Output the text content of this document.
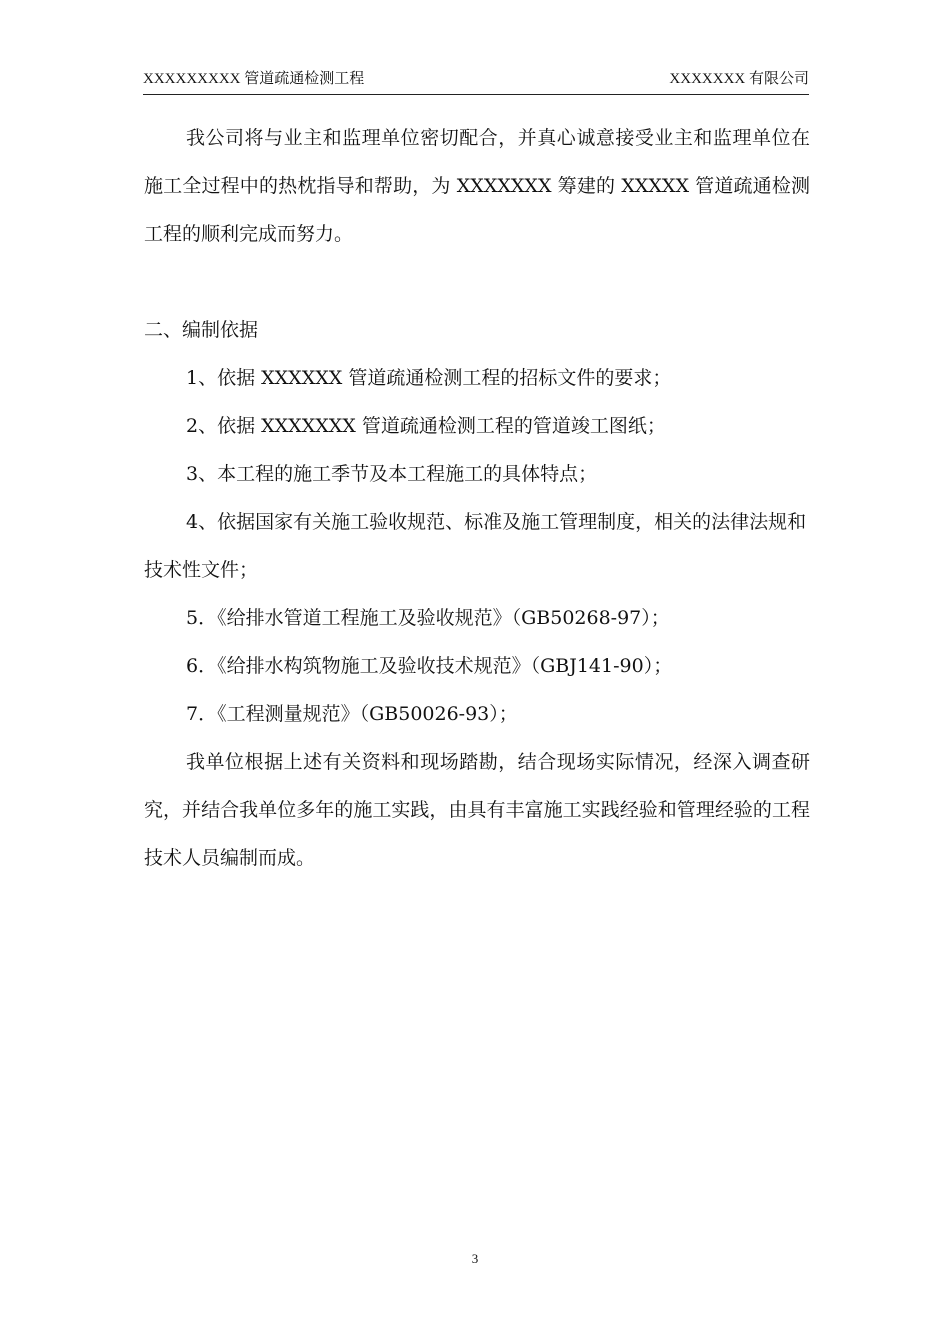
XXXXXXXXX 管道疏通检测工程	XXXXXXX 有限公司

我公司将与业主和监理单位密切配合，并真心诚意接受业主和监理单位在施工全过程中的热枕指导和帮助，为 XXXXXXX 筹建的 XXXXX 管道疏通检测工程的顺利完成而努力。

二、编制依据

1、依据 XXXXXX 管道疏通检测工程的招标文件的要求；

2、依据 XXXXXXX 管道疏通检测工程的管道竣工图纸；

3、本工程的施工季节及本工程施工的具体特点；

4、依据国家有关施工验收规范、标准及施工管理制度，相关的法律法规和技术性文件；

5．《给排水管道工程施工及验收规范》（GB50268-97）；

6．《给排水构筑物施工及验收技术规范》（GBJ141-90）；

7．《工程测量规范》（GB50026-93）；

我单位根据上述有关资料和现场踏勘，结合现场实际情况，经深入调查研究，并结合我单位多年的施工实践，由具有丰富施工实践经验和管理经验的工程技术人员编制而成。

3
